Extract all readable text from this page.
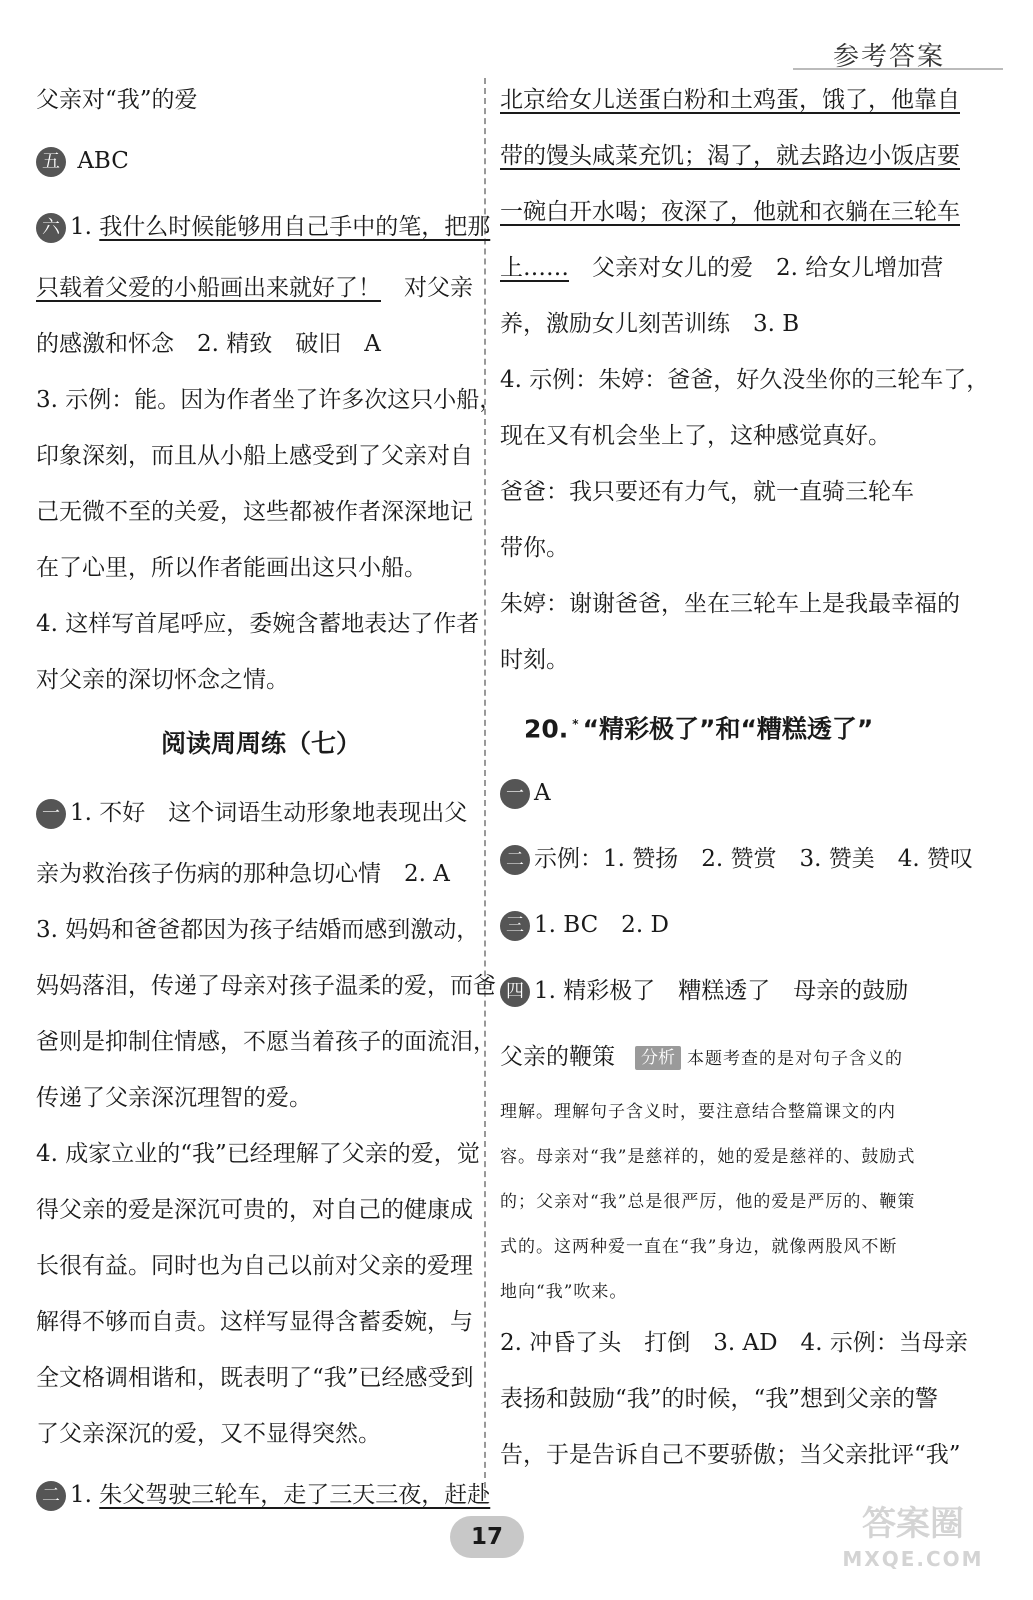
参考答案
父亲对“我”的爱
五 ABC
六 1. 我什么时候能够用自己手中的笔，把那
只载着父爱的小船画出来就好了！　对父亲
的感激和怀念　2. 精致　破旧　A
3. 示例：能。因为作者坐了许多次这只小船，
印象深刻，而且从小船上感受到了父亲对自
己无微不至的关爱，这些都被作者深深地记
在了心里，所以作者能画出这只小船。
4. 这样写首尾呼应，委婉含蓄地表达了作者
对父亲的深切怀念之情。
阅读周周练（七）
一 1. 不好　这个词语生动形象地表现出父
亲为救治孩子伤病的那种急切心情　2. A
3. 妈妈和爸爸都因为孩子结婚而感到激动，
妈妈落泪，传递了母亲对孩子温柔的爱，而爸
爸则是抑制住情感，不愿当着孩子的面流泪，
传递了父亲深沉理智的爱。
4. 成家立业的“我”已经理解了父亲的爱，觉
得父亲的爱是深沉可贵的，对自己的健康成
长很有益。同时也为自己以前对父亲的爱理
解得不够而自责。这样写显得含蓄委婉，与
全文格调相谐和，既表明了“我”已经感受到
了父亲深沉的爱，又不显得突然。
二 1. 朱父驾驶三轮车，走了三天三夜，赶赴
北京给女儿送蛋白粉和土鸡蛋，饿了，他靠自
带的馒头咸菜充饥；渴了，就去路边小饭店要
一碗白开水喝；夜深了，他就和衣躺在三轮车
上……　父亲对女儿的爱　2. 给女儿增加营
养，激励女儿刻苦训练　3. B
4. 示例：朱婷：爸爸，好久没坐你的三轮车了，
现在又有机会坐上了，这种感觉真好。
爸爸：我只要还有力气，就一直骑三轮车
带你。
朱婷：谢谢爸爸，坐在三轮车上是我最幸福的
时刻。
20. * “精彩极了”和“糟糕透了”
一 A
二 示例：1. 赞扬　2. 赞赏　3. 赞美　4. 赞叹
三 1. BC　2. D
四 1. 精彩极了　糟糕透了　母亲的鼓励
父亲的鞭策 分析 本题考查的是对句子含义的
理解。理解句子含义时，要注意结合整篇课文的内
容。母亲对“我”是慈祥的，她的爱是慈祥的、鼓励式
的；父亲对“我”总是很严厉，他的爱是严厉的、鞭策
式的。这两种爱一直在“我”身边，就像两股风不断
地向“我”吹来。
2. 冲昏了头　打倒　3. AD　4. 示例：当母亲
表扬和鼓励“我”的时候，“我”想到父亲的警
告，于是告诉自己不要骄傲；当父亲批评“我”
17	答案圈
MXQE.COM
